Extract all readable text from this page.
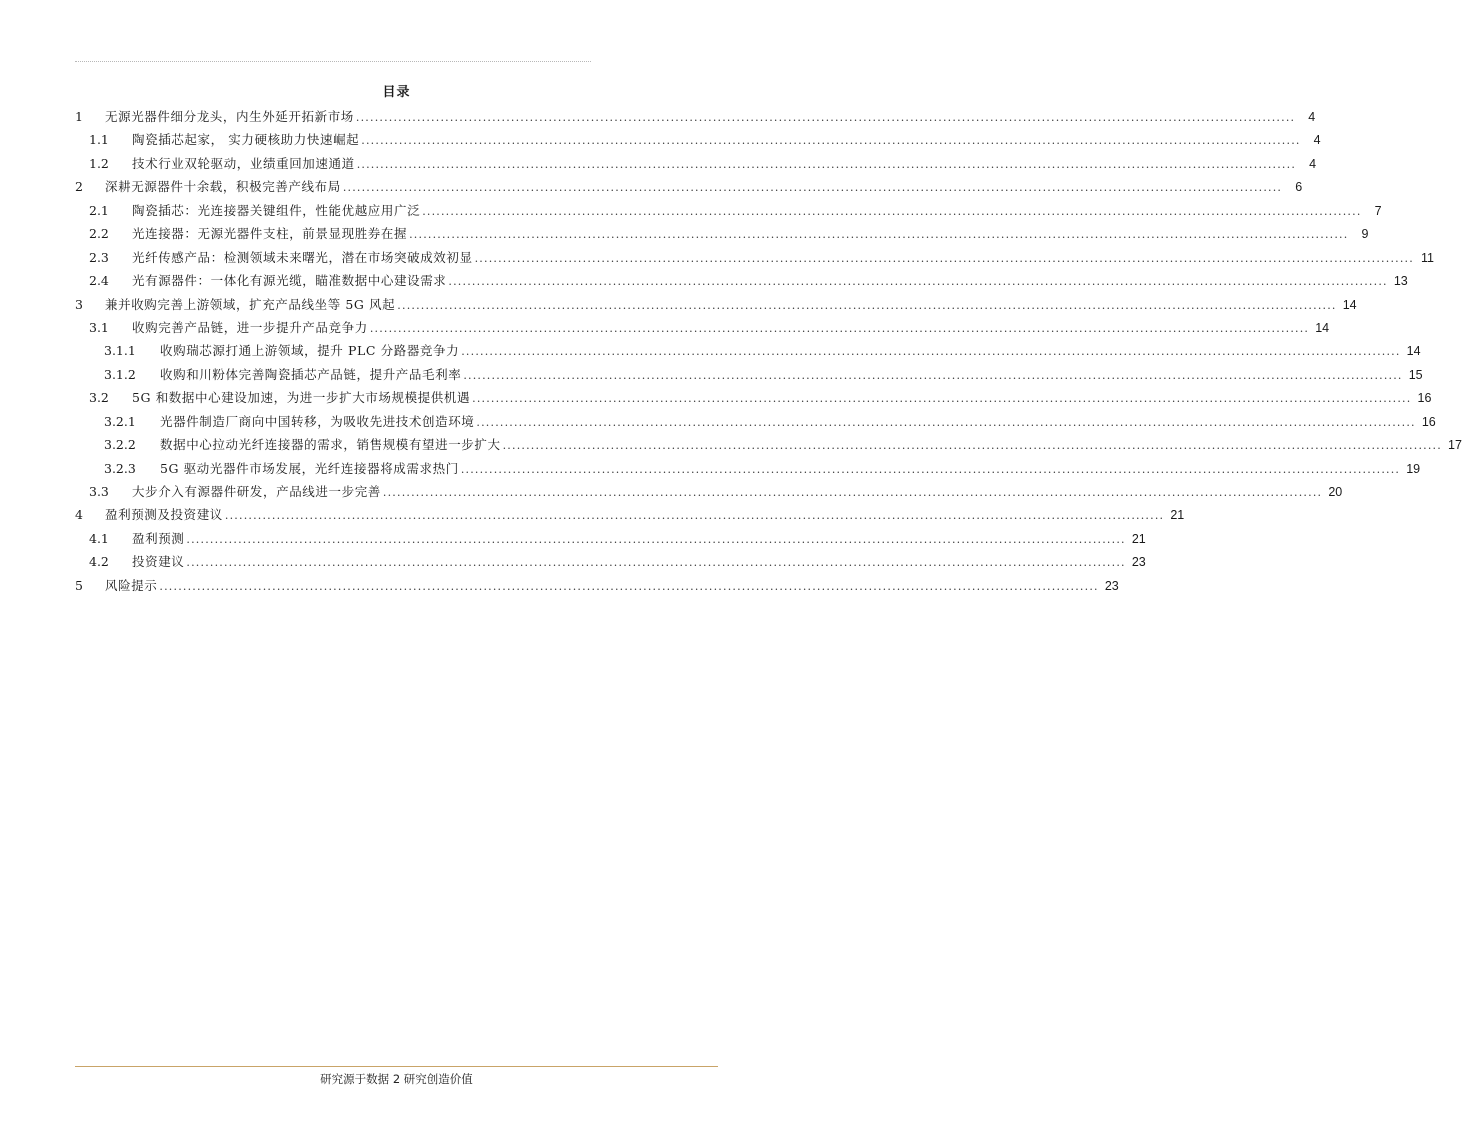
目录
1 无源光器件细分龙头，内生外延开拓新市场 ........................................................................................................................................................................................................	4
1.1 陶瓷插芯起家， 实力硬核助力快速崛起 ........................................................................................................................................................................................................	4
1.2 技术行业双轮驱动，业绩重回加速通道 ........................................................................................................................................................................................................	4
2 深耕无源器件十余载，积极完善产线布局 ........................................................................................................................................................................................................	6
2.1 陶瓷插芯：光连接器关键组件，性能优越应用广泛 ........................................................................................................................................................................................................	7
2.2 光连接器：无源光器件支柱，前景显现胜券在握 ........................................................................................................................................................................................................	9
2.3 光纤传感产品：检测领域未来曙光，潜在市场突破成效初显 ........................................................................................................................................................................................................ 11
2.4 光有源器件：一体化有源光缆，瞄准数据中心建设需求 ........................................................................................................................................................................................................ 13
3 兼并收购完善上游领域，扩充产品线坐等 5G 风起 ........................................................................................................................................................................................................ 14
3.1 收购完善产品链，进一步提升产品竞争力 ........................................................................................................................................................................................................ 14
3.1.1 收购瑞芯源打通上游领域，提升 PLC 分路器竞争力 ........................................................................................................................................................................................................ 14
3.1.2 收购和川粉体完善陶瓷插芯产品链，提升产品毛利率 ........................................................................................................................................................................................................ 15
3.2 5G 和数据中心建设加速，为进一步扩大市场规模提供机遇 ........................................................................................................................................................................................................ 16
3.2.1 光器件制造厂商向中国转移，为吸收先进技术创造环境 ........................................................................................................................................................................................................ 16
3.2.2 数据中心拉动光纤连接器的需求，销售规模有望进一步扩大 ........................................................................................................................................................................................................ 17
3.2.3 5G 驱动光器件市场发展，光纤连接器将成需求热门 ........................................................................................................................................................................................................ 19
3.3 大步介入有源器件研发，产品线进一步完善 ........................................................................................................................................................................................................ 20
4 盈利预测及投资建议 ........................................................................................................................................................................................................ 21
4.1 盈利预测 ........................................................................................................................................................................................................ 21
4.2 投资建议 ........................................................................................................................................................................................................ 23
5 风险提示 ........................................................................................................................................................................................................ 23
研究源于数据 2 研究创造价值
